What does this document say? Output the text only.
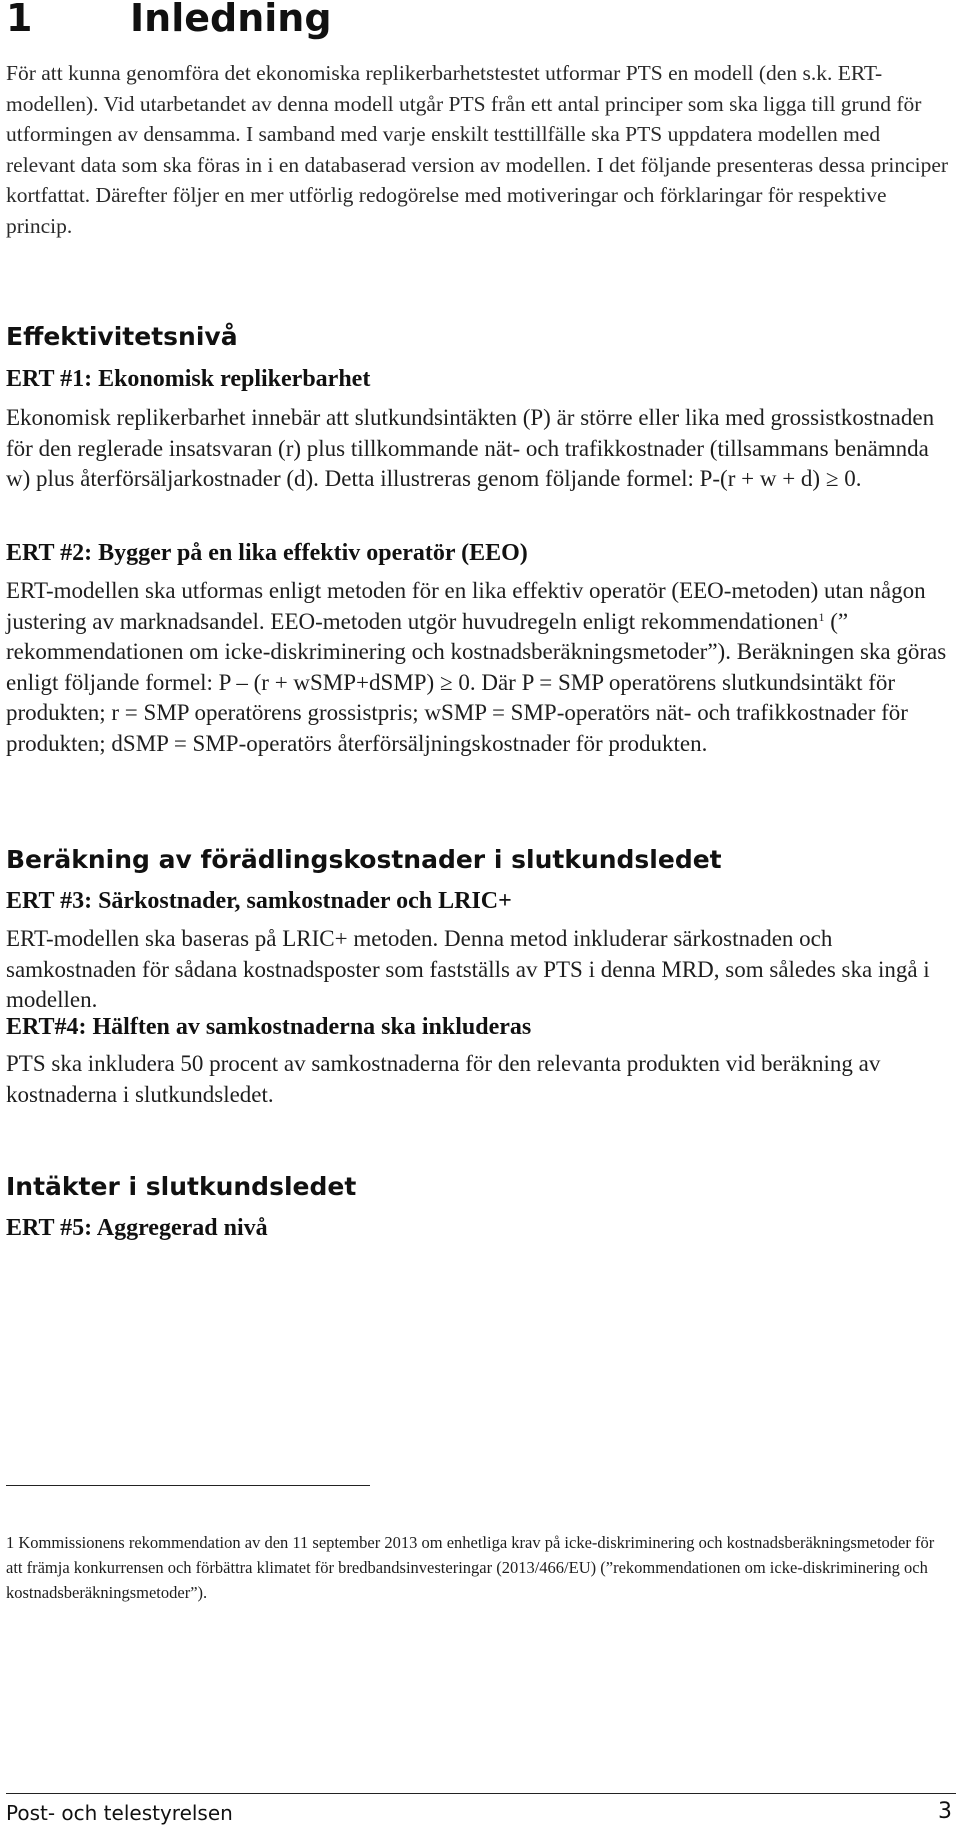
1	Inledning

För att kunna genomföra det ekonomiska replikerbarhetstestet utformar PTS en modell (den s.k. ERT-modellen). Vid utarbetandet av denna modell utgår PTS från ett antal principer som ska ligga till grund för utformingen av densamma. I samband med varje enskilt testtillfälle ska PTS uppdatera modellen med relevant data som ska föras in i en databaserad version av modellen. I det följande presenteras dessa principer kortfattat. Därefter följer en mer utförlig redogörelse med motiveringar och förklaringar för respektive princip.

Effektivitetsnivå
ERT #1: Ekonomisk replikerbarhet

Ekonomisk replikerbarhet innebär att slutkundsintäkten (P) är större eller lika med grossistkostnaden för den reglerade insatsvaran (r) plus tillkommande nät- och trafikkostnader (tillsammans benämnda w) plus återförsäljarkostnader (d). Detta illustreras genom följande formel: P-(r + w + d) ≥ 0.

ERT #2: Bygger på en lika effektiv operatör (EEO)

ERT-modellen ska utformas enligt metoden för en lika effektiv operatör (EEO-metoden) utan någon justering av marknadsandel. EEO-metoden utgör huvudregeln enligt rekommendationen$^1$ (” rekommendationen om icke-diskriminering och kostnadsberäkningsmetoder”). Beräkningen ska göras enligt följande formel: P – (r + wSMP+dSMP) ≥ 0. Där P = SMP operatörens slutkundsintäkt för produkten; r = SMP operatörens grossistpris; wSMP = SMP-operatörs nät- och trafikkostnader för produkten; dSMP = SMP-operatörs återförsäljningskostnader för produkten.

Beräkning av förädlingskostnader i slutkundsledet
ERT #3: Särkostnader, samkostnader och LRIC+

ERT-modellen ska baseras på LRIC+ metoden. Denna metod inkluderar särkostnaden och samkostnaden för sådana kostnadsposter som fastställs av PTS i denna MRD, som således ska ingå i modellen.

ERT#4: Hälften av samkostnaderna ska inkluderas

PTS ska inkludera 50 procent av samkostnaderna för den relevanta produkten vid beräkning av kostnaderna i slutkundsledet.

Intäkter i slutkundsledet
ERT #5: Aggregerad nivå

1 Kommissionens rekommendation av den 11 september 2013 om enhetliga krav på icke-diskriminering och kostnadsberäkningsmetoder för att främja konkurrensen och förbättra klimatet för bredbandsinvesteringar (2013/466/EU) (”rekommendationen om icke-diskriminering och kostnadsberäkningsmetoder”).

Post- och telestyrelsen	3
